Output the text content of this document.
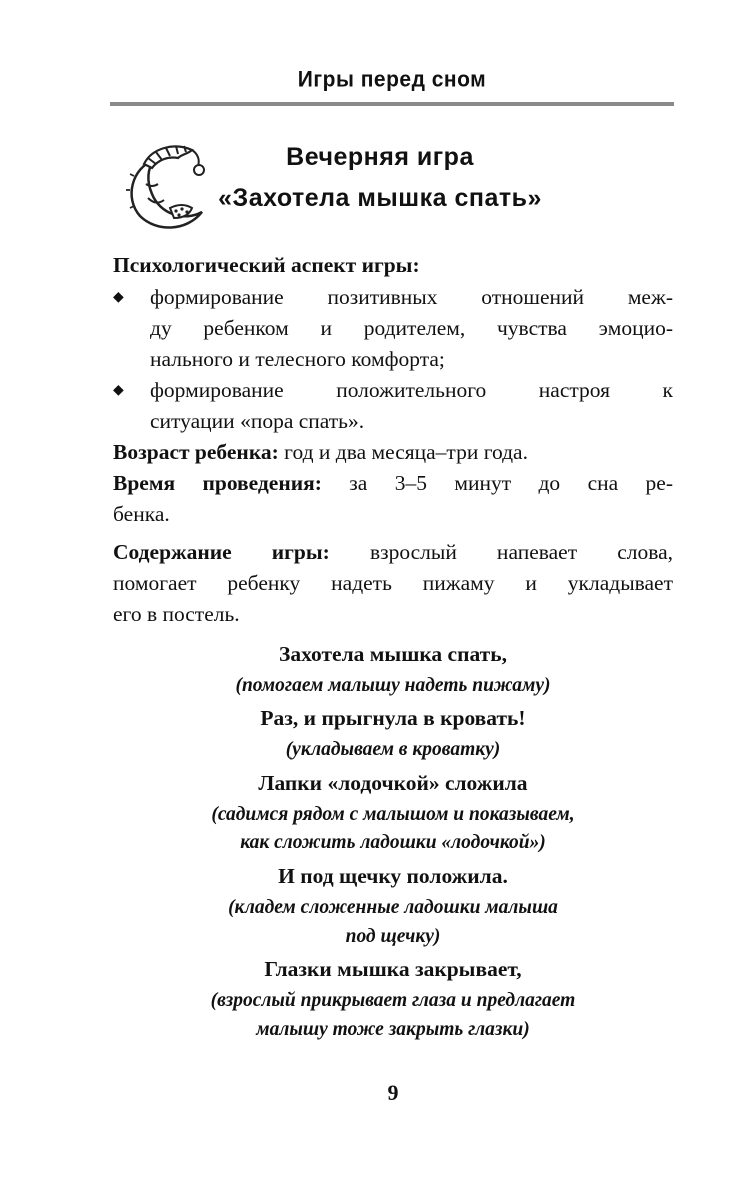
Игры перед сном
Вечерняя игра
«Захотела мышка спать»
Психологический аспект игры:
◆ формирование позитивных отношений меж-
ду ребенком и родителем, чувства эмоцио-
нального и телесного комфорта;
◆ формирование положительного настроя к
ситуации «пора спать».
Возраст ребенка: год и два месяца–три года.
Время проведения: за 3–5 минут до сна ре-
бенка.
Содержание игры: взрослый напевает слова,
помогает ребенку надеть пижаму и укладывает
его в постель.
Захотела мышка спать,
(помогаем малышу надеть пижаму)
Раз, и прыгнула в кровать!
(укладываем в кроватку)
Лапки «лодочкой» сложила
(садимся рядом с малышом и показываем,
как сложить ладошки «лодочкой»)
И под щечку положила.
(кладем сложенные ладошки малыша
под щечку)
Глазки мышка закрывает,
(взрослый прикрывает глаза и предлагает
малышу тоже закрыть глазки)
9
